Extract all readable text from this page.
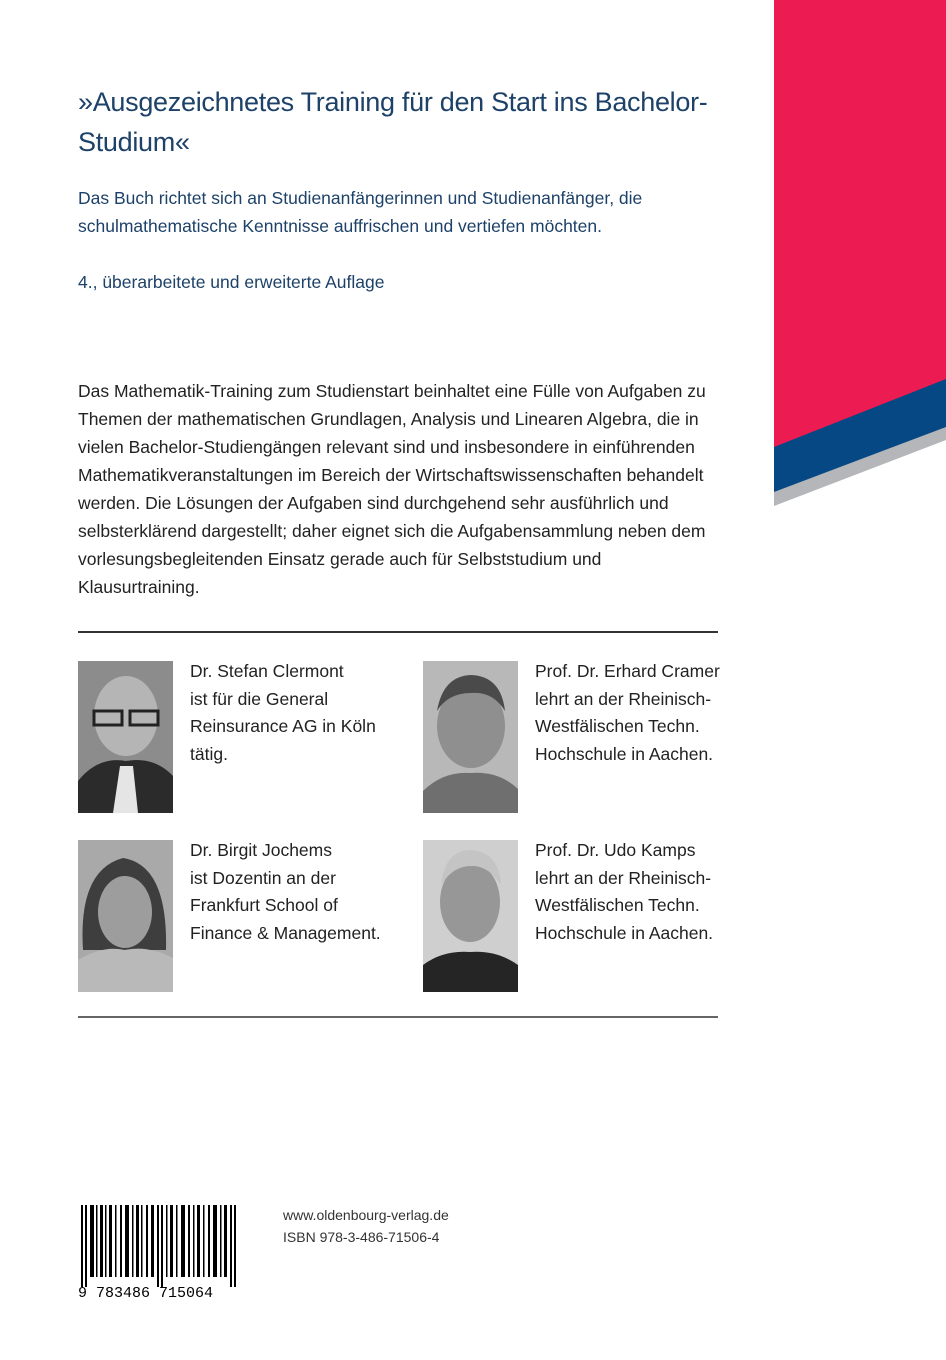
»Ausgezeichnetes Training für den Start ins Bachelor-Studium«

Das Buch richtet sich an Studienanfängerinnen und Studienanfänger, die schulmathematische Kenntnisse auffrischen und vertiefen möchten.

4., überarbeitete und erweiterte Auflage

Das Mathematik-Training zum Studienstart beinhaltet eine Fülle von Aufgaben zu Themen der mathematischen Grundlagen, Analysis und Linearen Algebra, die in vielen Bachelor-Studiengängen relevant sind und insbesondere in einführenden Mathematikveranstaltungen im Bereich der Wirtschaftswissenschaften behandelt werden. Die Lösungen der Aufgaben sind durchgehend sehr ausführlich und selbsterklärend dargestellt; daher eignet sich die Aufgabensammlung neben dem vorlesungsbegleitenden Einsatz gerade auch für Selbststudium und Klausurtraining.

Dr. Stefan Clermont
ist für die General
Reinsurance AG in Köln
tätig.
Prof. Dr. Erhard Cramer
lehrt an der Rheinisch-
Westfälischen Techn.
Hochschule in Aachen.
Dr. Birgit Jochems
ist Dozentin an der
Frankfurt School of
Finance & Management.
Prof. Dr. Udo Kamps
lehrt an der Rheinisch-
Westfälischen Techn.
Hochschule in Aachen.
9 783486 715064
www.oldenbourg-verlag.de
ISBN 978-3-486-71506-4
